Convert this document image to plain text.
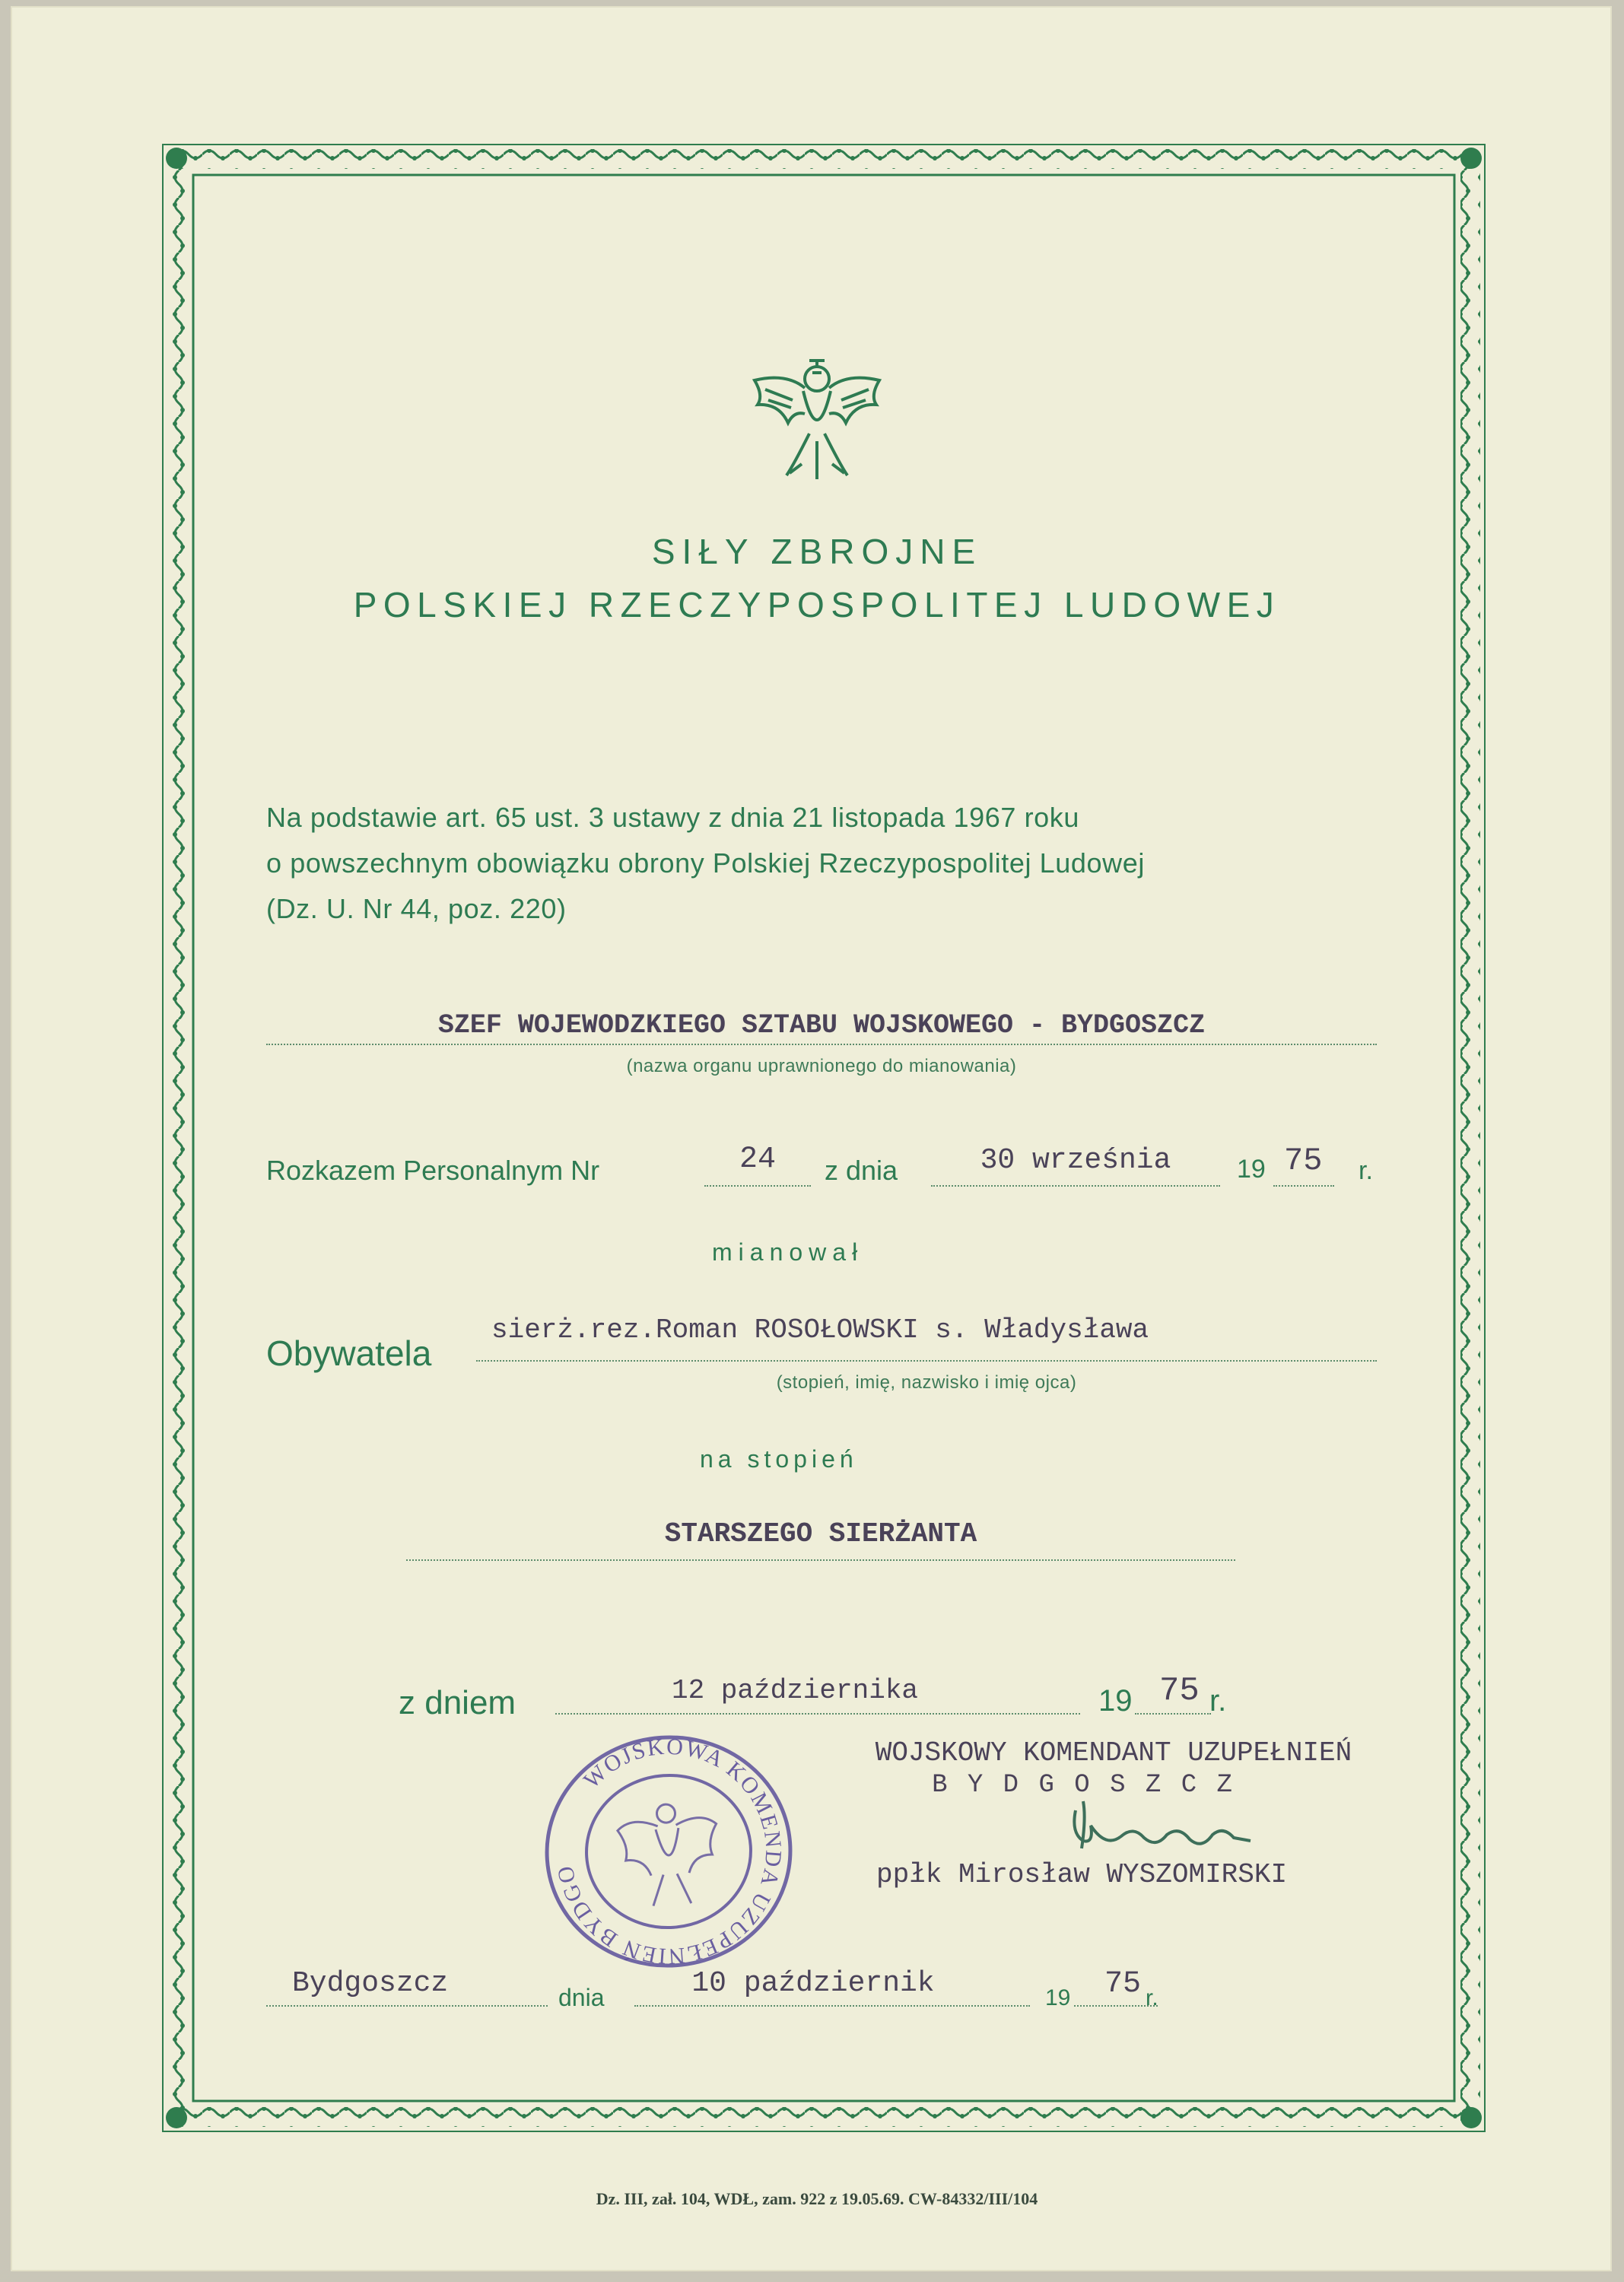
SIŁY ZBROJNE
POLSKIEJ RZECZYPOSPOLITEJ LUDOWEJ
Na podstawie art. 65 ust. 3 ustawy z dnia 21 listopada 1967 roku
o powszechnym obowiązku obrony Polskiej Rzeczypospolitej Ludowej
(Dz. U. Nr 44, poz. 220)
SZEF WOJEWODZKIEGO SZTABU WOJSKOWEGO - BYDGOSZCZ
(nazwa organu uprawnionego do mianowania)
Rozkazem Personalnym Nr	24	z dnia	30 września	19 75 r.
mianował
Obywatela
sierż.rez.Roman ROSOŁOWSKI s. Władysława
(stopień, imię, nazwisko i imię ojca)
na stopień
STARSZEGO SIERŻANTA
z dniem	12 października	19 75 r.
WOJSKOWY KOMENDANT UZUPEŁNIEŃ
B Y D G O S Z C Z
ppłk Mirosław WYSZOMIRSKI
WOJSKOWA KOMENDA UZUPEŁNIEŃ BYDGOSZCZ
Bydgoszcz	dnia	10 październik	19 75 r.
Dz. III, zał. 104, WDŁ, zam. 922 z 19.05.69. CW-84332/III/104
